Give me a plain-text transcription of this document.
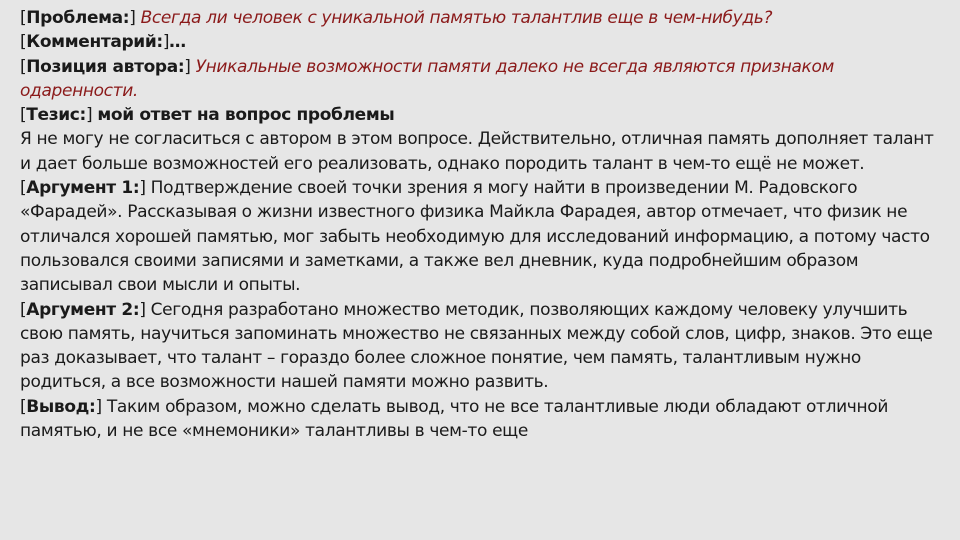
[Проблема:] Всегда ли человек с уникальной памятью талантлив еще в чем-нибудь?

[Комментарий:]…

[Позиция автора:] Уникальные возможности памяти далеко не всегда являются признаком одаренности.

[Тезис:] мой ответ на вопрос проблемы

Я не могу не согласиться с автором в этом вопросе. Действительно, отличная память дополняет талант и дает больше возможностей его реализовать, однако породить талант в чем-то ещё не может.

[Аргумент 1:] Подтверждение своей точки зрения я могу найти в произведении М. Радовского «Фарадей». Рассказывая о жизни известного физика Майкла Фарадея, автор отмечает, что физик не отличался хорошей памятью, мог забыть необходимую для исследований информацию, а потому часто пользовался своими записями и заметками, а также вел дневник, куда подробнейшим образом записывал свои мысли и опыты.

[Аргумент 2:] Сегодня разработано множество методик, позволяющих каждому человеку улучшить свою память, научиться запоминать множество не связанных между собой слов, цифр, знаков. Это еще раз доказывает, что талант – гораздо более сложное понятие, чем память, талантливым нужно родиться, а все возможности нашей памяти можно развить.

[Вывод:] Таким образом, можно сделать вывод, что не все талантливые люди обладают отличной памятью, и не все «мнемоники» талантливы в чем-то еще
